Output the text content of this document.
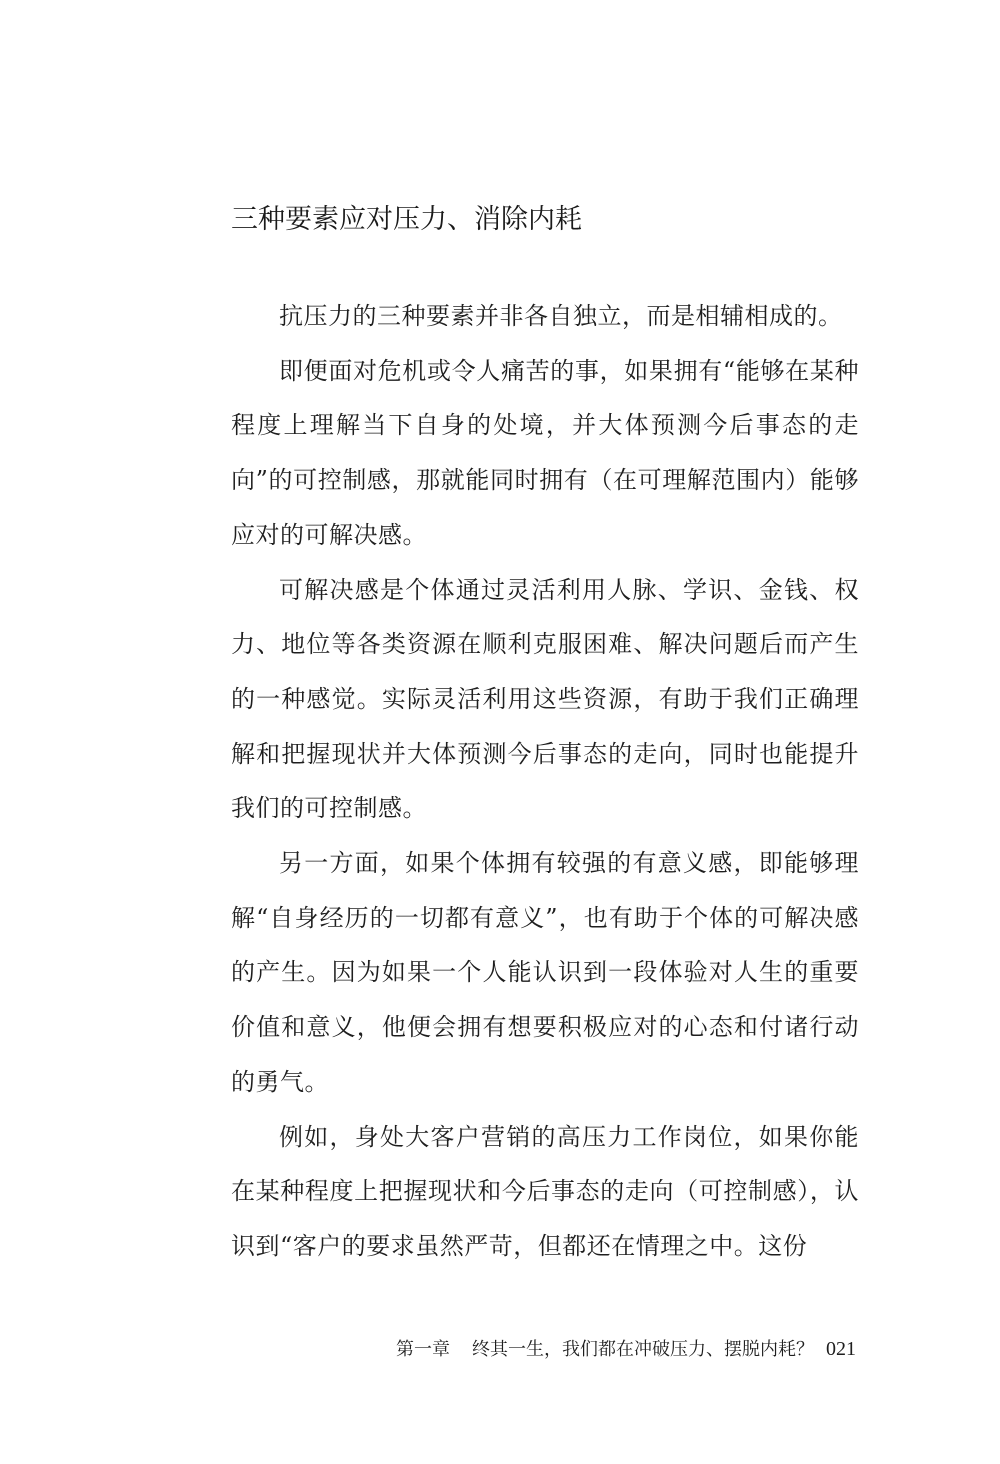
三种要素应对压力、消除内耗

抗压力的三种要素并非各自独立，而是相辅相成的。

即便面对危机或令人痛苦的事，如果拥有“能够在某种程度上理解当下自身的处境，并大体预测今后事态的走向”的可控制感，那就能同时拥有（在可理解范围内）能够应对的可解决感。

可解决感是个体通过灵活利用人脉、学识、金钱、权力、地位等各类资源在顺利克服困难、解决问题后而产生的一种感觉。实际灵活利用这些资源，有助于我们正确理解和把握现状并大体预测今后事态的走向，同时也能提升我们的可控制感。

另一方面，如果个体拥有较强的有意义感，即能够理解“自身经历的一切都有意义”，也有助于个体的可解决感的产生。因为如果一个人能认识到一段体验对人生的重要价值和意义，他便会拥有想要积极应对的心态和付诸行动的勇气。

例如，身处大客户营销的高压力工作岗位，如果你能在某种程度上把握现状和今后事态的走向（可控制感），认识到“客户的要求虽然严苛，但都还在情理之中。这份

第一章 终其一生，我们都在冲破压力、摆脱内耗？ 021
